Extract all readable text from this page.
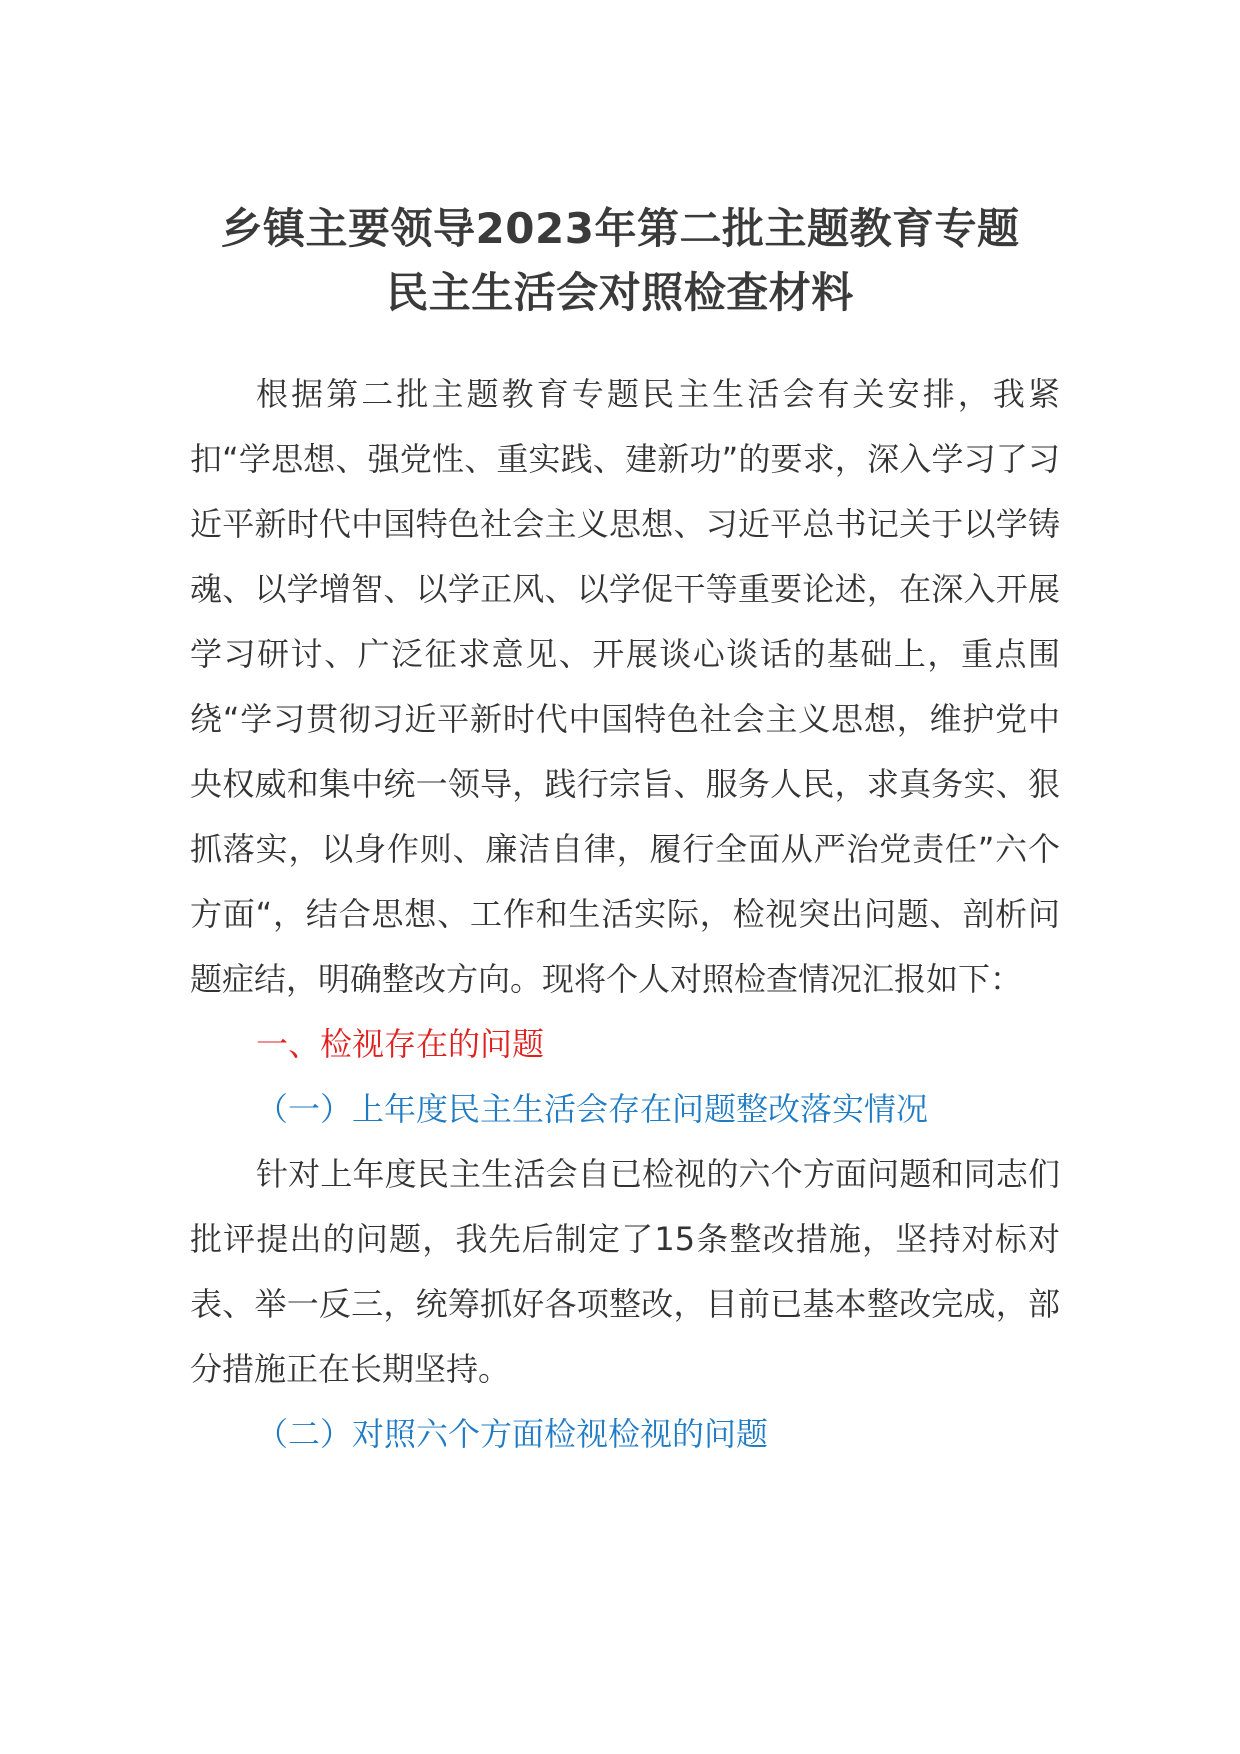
乡镇主要领导2023年第二批主题教育专题
民主生活会对照检查材料

根据第二批主题教育专题民主生活会有关安排，我紧扣“学思想、强党性、重实践、建新功”的要求，深入学习了习近平新时代中国特色社会主义思想、习近平总书记关于以学铸魂、以学增智、以学正风、以学促干等重要论述，在深入开展学习研讨、广泛征求意见、开展谈心谈话的基础上，重点围绕“学习贯彻习近平新时代中国特色社会主义思想，维护党中央权威和集中统一领导，践行宗旨、服务人民，求真务实、狠抓落实，以身作则、廉洁自律，履行全面从严治党责任”六个方面“，结合思想、工作和生活实际，检视突出问题、剖析问题症结，明确整改方向。现将个人对照检查情况汇报如下：

一、检视存在的问题

（一）上年度民主生活会存在问题整改落实情况

针对上年度民主生活会自已检视的六个方面问题和同志们批评提出的问题，我先后制定了15条整改措施，坚持对标对表、举一反三，统筹抓好各项整改，目前已基本整改完成，部分措施正在长期坚持。

（二）对照六个方面检视检视的问题
